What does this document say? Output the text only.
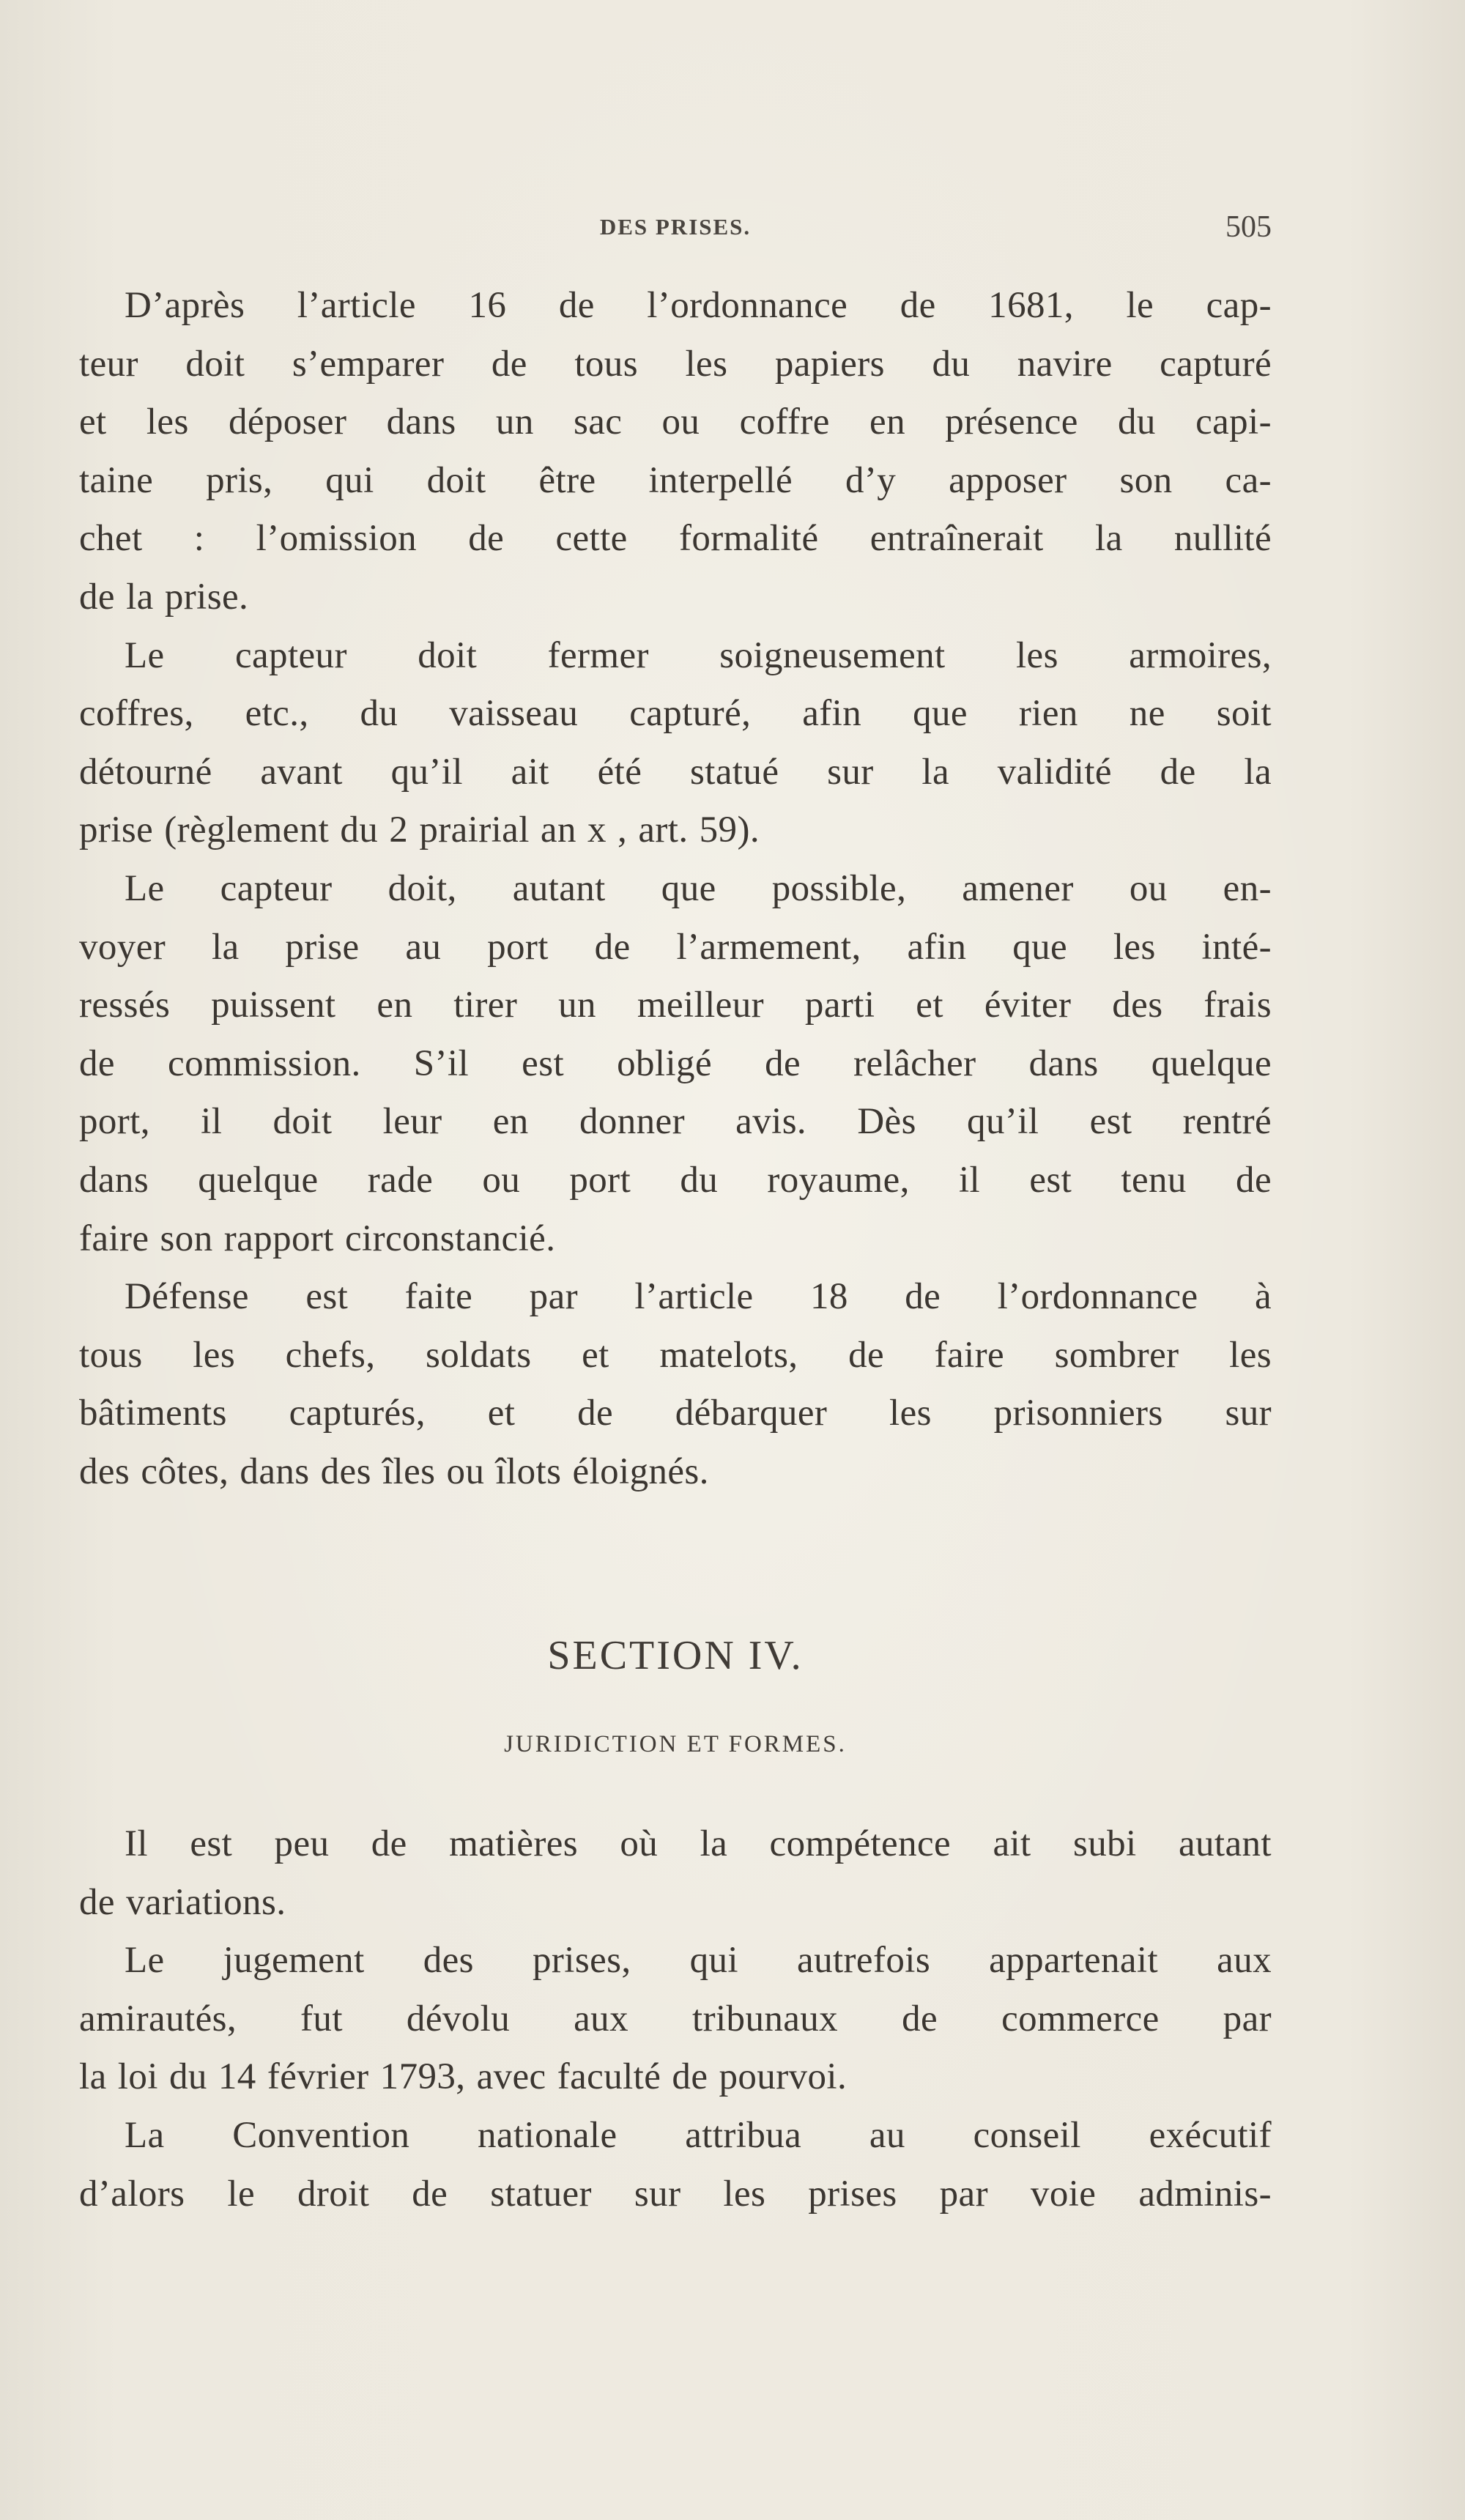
DES PRISES.	505
D’après l’article 16 de l’ordonnance de 1681, le cap-
teur doit s’emparer de tous les papiers du navire capturé
et les déposer dans un sac ou coffre en présence du capi-
taine pris, qui doit être interpellé d’y apposer son ca-
chet : l’omission de cette formalité entraînerait la nullité
de la prise.
Le capteur doit fermer soigneusement les armoires,
coffres, etc., du vaisseau capturé, afin que rien ne soit
détourné avant qu’il ait été statué sur la validité de la
prise (règlement du 2 prairial an x , art. 59).
Le capteur doit, autant que possible, amener ou en-
voyer la prise au port de l’armement, afin que les inté-
ressés puissent en tirer un meilleur parti et éviter des frais
de commission. S’il est obligé de relâcher dans quelque
port, il doit leur en donner avis. Dès qu’il est rentré
dans quelque rade ou port du royaume, il est tenu de
faire son rapport circonstancié.
Défense est faite par l’article 18 de l’ordonnance à
tous les chefs, soldats et matelots, de faire sombrer les
bâtiments capturés, et de débarquer les prisonniers sur
des côtes, dans des îles ou îlots éloignés.
SECTION IV.
JURIDICTION ET FORMES.
Il est peu de matières où la compétence ait subi autant
de variations.
Le jugement des prises, qui autrefois appartenait aux
amirautés, fut dévolu aux tribunaux de commerce par
la loi du 14 février 1793, avec faculté de pourvoi.
La Convention nationale attribua au conseil exécutif
d’alors le droit de statuer sur les prises par voie adminis-
